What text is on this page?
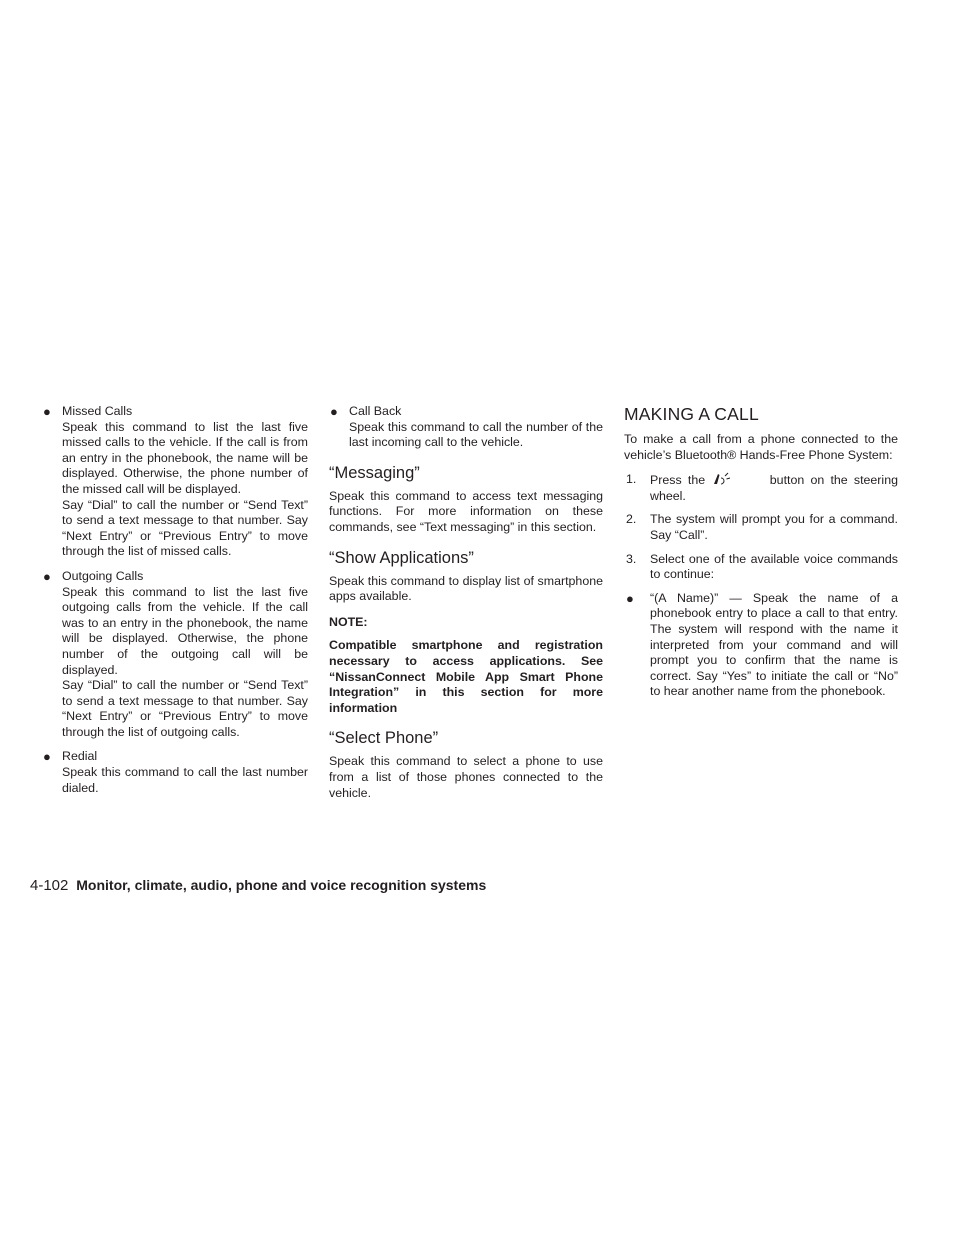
● Missed Calls
Speak this command to list the last five missed calls to the vehicle. If the call is from an entry in the phonebook, the name will be displayed. Otherwise, the phone number of the missed call will be displayed.
Say “Dial” to call the number or “Send Text” to send a text message to that number. Say “Next Entry” or “Previous Entry” to move through the list of missed calls.
● Outgoing Calls
Speak this command to list the last five outgoing calls from the vehicle. If the call was to an entry in the phonebook, the name will be displayed. Otherwise, the phone number of the outgoing call will be displayed.
Say “Dial” to call the number or “Send Text” to send a text message to that number. Say “Next Entry” or “Previous Entry” to move through the list of outgoing calls.
● Redial
Speak this command to call the last number dialed.
● Call Back
Speak this command to call the number of the last incoming call to the vehicle.
“Messaging”

Speak this command to access text messaging functions. For more information on these commands, see “Text messaging” in this section.

“Show Applications”

Speak this command to display list of smartphone apps available.

NOTE:
Compatible smartphone and registration necessary to access applications. See “NissanConnect Mobile App Smart Phone Integration” in this section for more information
“Select Phone”

Speak this command to select a phone to use from a list of those phones connected to the vehicle.

MAKING A CALL

To make a call from a phone connected to the vehicle’s Bluetooth® Hands-Free Phone System:

1. Press the	button on the steering wheel.
2. The system will prompt you for a command. Say “Call”.
3. Select one of the available voice commands to continue:
● “(A Name)” — Speak the name of a phonebook entry to place a call to that entry. The system will respond with the name it interpreted from your command and will prompt you to confirm that the name is correct. Say “Yes” to initiate the call or “No” to hear another name from the phonebook.
4-102 Monitor, climate, audio, phone and voice recognition systems
